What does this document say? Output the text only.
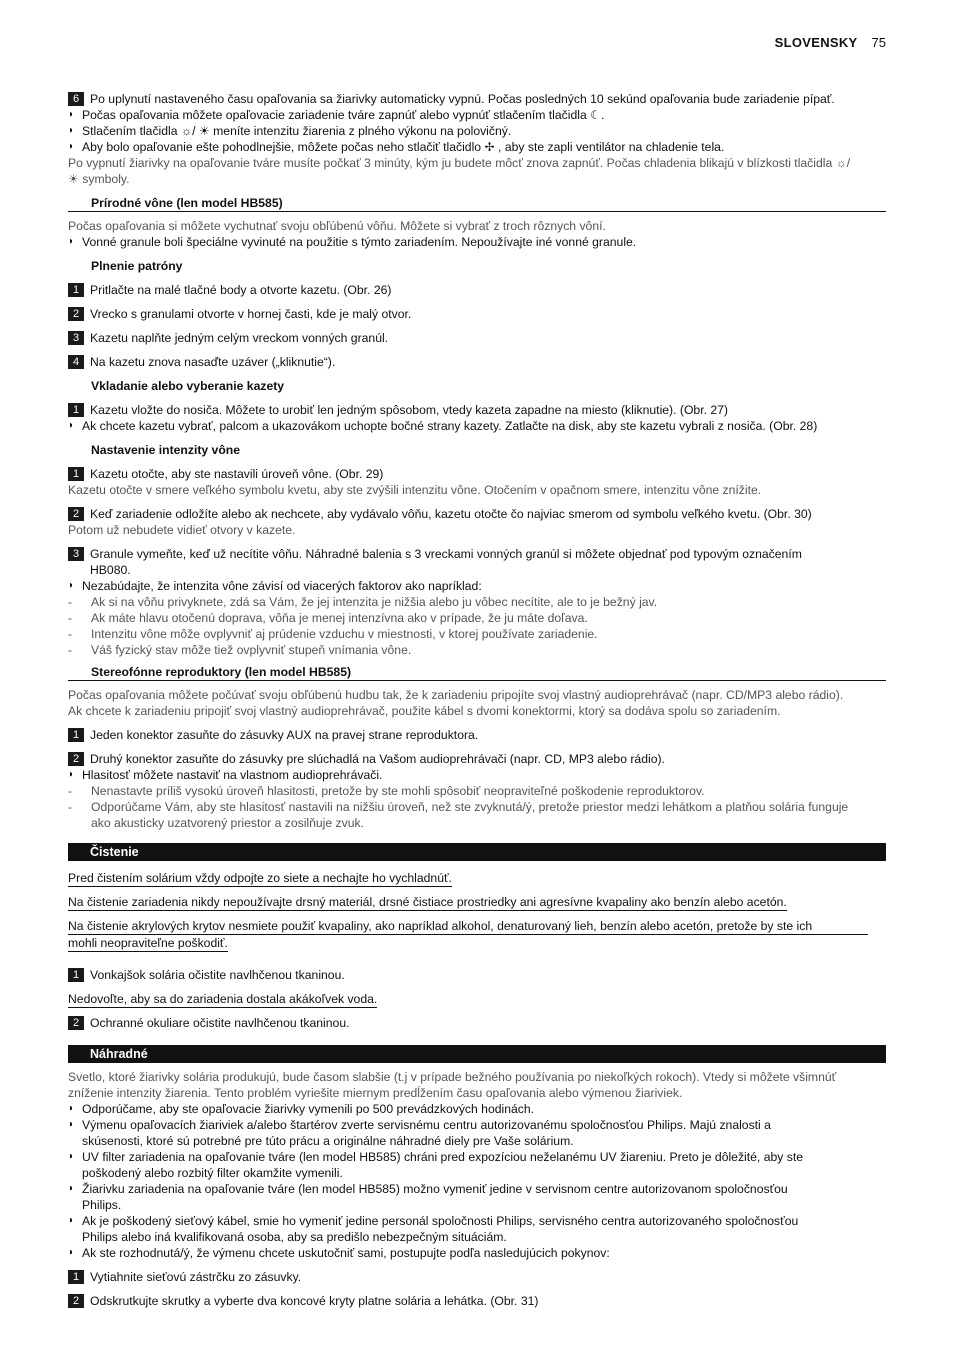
SLOVENSKY 75
6 Po uplynutí nastaveného času opaľovania sa žiarivky automaticky vypnú. Počas posledných 10 sekúnd opaľovania bude zariadenie pípať.
◗ Počas opaľovania môžete opaľovacie zariadenie tváre zapnúť alebo vypnúť stlačením tlačidla ☾.
◗ Stlačením tlačidla ☼/ ☀ meníte intenzitu žiarenia z plného výkonu na polovičný.
◗ Aby bolo opaľovanie ešte pohodlnejšie, môžete počas neho stlačiť tlačidlo ✢ , aby ste zapli ventilátor na chladenie tela.
Po vypnutí žiarivky na opaľovanie tváre musíte počkať 3 minúty, kým ju budete môcť znova zapnúť. Počas chladenia blikajú v blízkosti tlačidla ☼/
☀ symboly.
Prírodné vône (len model HB585)
Počas opaľovania si môžete vychutnať svoju obľúbenú vôňu. Môžete si vybrať z troch rôznych vôní.
◗ Vonné granule boli špeciálne vyvinuté na použitie s týmto zariadením. Nepoužívajte iné vonné granule.
Plnenie patróny
1 Pritlačte na malé tlačné body a otvorte kazetu. (Obr. 26)
2 Vrecko s granulami otvorte v hornej časti, kde je malý otvor.
3 Kazetu naplňte jedným celým vreckom vonných granúl.
4 Na kazetu znova nasaďte uzáver („kliknutie“).
Vkladanie alebo vyberanie kazety
1 Kazetu vložte do nosiča. Môžete to urobiť len jedným spôsobom, vtedy kazeta zapadne na miesto (kliknutie). (Obr. 27)
◗ Ak chcete kazetu vybrať, palcom a ukazovákom uchopte bočné strany kazety. Zatlačte na disk, aby ste kazetu vybrali z nosiča. (Obr. 28)
Nastavenie intenzity vône
1 Kazetu otočte, aby ste nastavili úroveň vône. (Obr. 29)
Kazetu otočte v smere veľkého symbolu kvetu, aby ste zvýšili intenzitu vône. Otočením v opačnom smere, intenzitu vône znížite.
2 Keď zariadenie odložíte alebo ak nechcete, aby vydávalo vôňu, kazetu otočte čo najviac smerom od symbolu veľkého kvetu. (Obr. 30)
Potom už nebudete vidieť otvory v kazete.
3 Granule vymeňte, keď už necítite vôňu. Náhradné balenia s 3 vreckami vonných granúl si môžete objednať pod typovým označením
HB080.
◗ Nezabúdajte, že intenzita vône závisí od viacerých faktorov ako napríklad:
- Ak si na vôňu privyknete, zdá sa Vám, že jej intenzita je nižšia alebo ju vôbec necítite, ale to je bežný jav.
- Ak máte hlavu otočenú doprava, vôňa je menej intenzívna ako v prípade, že ju máte doľava.
- Intenzitu vône môže ovplyvniť aj prúdenie vzduchu v miestnosti, v ktorej používate zariadenie.
- Váš fyzický stav môže tiež ovplyvniť stupeň vnímania vône.
Stereofónne reproduktory (len model HB585)
Počas opaľovania môžete počúvať svoju obľúbenú hudbu tak, že k zariadeniu pripojíte svoj vlastný audioprehrávač (napr. CD/MP3 alebo rádio).
Ak chcete k zariadeniu pripojiť svoj vlastný audioprehrávač, použite kábel s dvomi konektormi, ktorý sa dodáva spolu so zariadením.
1 Jeden konektor zasuňte do zásuvky AUX na pravej strane reproduktora.
2 Druhý konektor zasuňte do zásuvky pre slúchadlá na Vašom audioprehrávači (napr. CD, MP3 alebo rádio).
◗ Hlasitosť môžete nastaviť na vlastnom audioprehrávači.
- Nenastavte príliš vysokú úroveň hlasitosti, pretože by ste mohli spôsobiť neopraviteľné poškodenie reproduktorov.
- Odporúčame Vám, aby ste hlasitosť nastavili na nižšiu úroveň, než ste zvyknutá/ý, pretože priestor medzi lehátkom a platňou solária funguje
ako akusticky uzatvorený priestor a zosilňuje zvuk.
Čistenie
Pred čistením solárium vždy odpojte zo siete a nechajte ho vychladnúť.
Na čistenie zariadenia nikdy nepoužívajte drsný materiál, drsné čistiace prostriedky ani agresívne kvapaliny ako benzín alebo acetón.
Na čistenie akrylových krytov nesmiete použiť kvapaliny, ako napríklad alkohol, denaturovaný lieh, benzín alebo acetón, pretože by ste ich
mohli neopraviteľne poškodiť.
1 Vonkajšok solária očistite navlhčenou tkaninou.
Nedovoľte, aby sa do zariadenia dostala akákoľvek voda.
2 Ochranné okuliare očistite navlhčenou tkaninou.
Náhradné
Svetlo, ktoré žiarivky solária produkujú, bude časom slabšie (t.j v prípade bežného používania po niekoľkých rokoch). Vtedy si môžete všimnúť
zníženie intenzity žiarenia. Tento problém vyriešite miernym predĺžením času opaľovania alebo výmenou žiariviek.
◗ Odporúčame, aby ste opaľovacie žiarivky vymenili po 500 prevádzkových hodinách.
◗ Výmenu opaľovacích žiariviek a/alebo štartérov zverte servisnému centru autorizovanému spoločnosťou Philips. Majú znalosti a
skúsenosti, ktoré sú potrebné pre túto prácu a originálne náhradné diely pre Vaše solárium.
◗ UV filter zariadenia na opaľovanie tváre (len model HB585) chráni pred expozíciou neželanému UV žiareniu. Preto je dôležité, aby ste
poškodený alebo rozbitý filter okamžite vymenili.
◗ Žiarivku zariadenia na opaľovanie tváre (len model HB585) možno vymeniť jedine v servisnom centre autorizovanom spoločnosťou
Philips.
◗ Ak je poškodený sieťový kábel, smie ho vymeniť jedine personál spoločnosti Philips, servisného centra autorizovaného spoločnosťou
Philips alebo iná kvalifikovaná osoba, aby sa predišlo nebezpečným situáciám.
◗ Ak ste rozhodnutá/ý, že výmenu chcete uskutočniť sami, postupujte podľa nasledujúcich pokynov:
1 Vytiahnite sieťovú zástrčku zo zásuvky.
2 Odskrutkujte skrutky a vyberte dva koncové kryty platne solária a lehátka. (Obr. 31)
